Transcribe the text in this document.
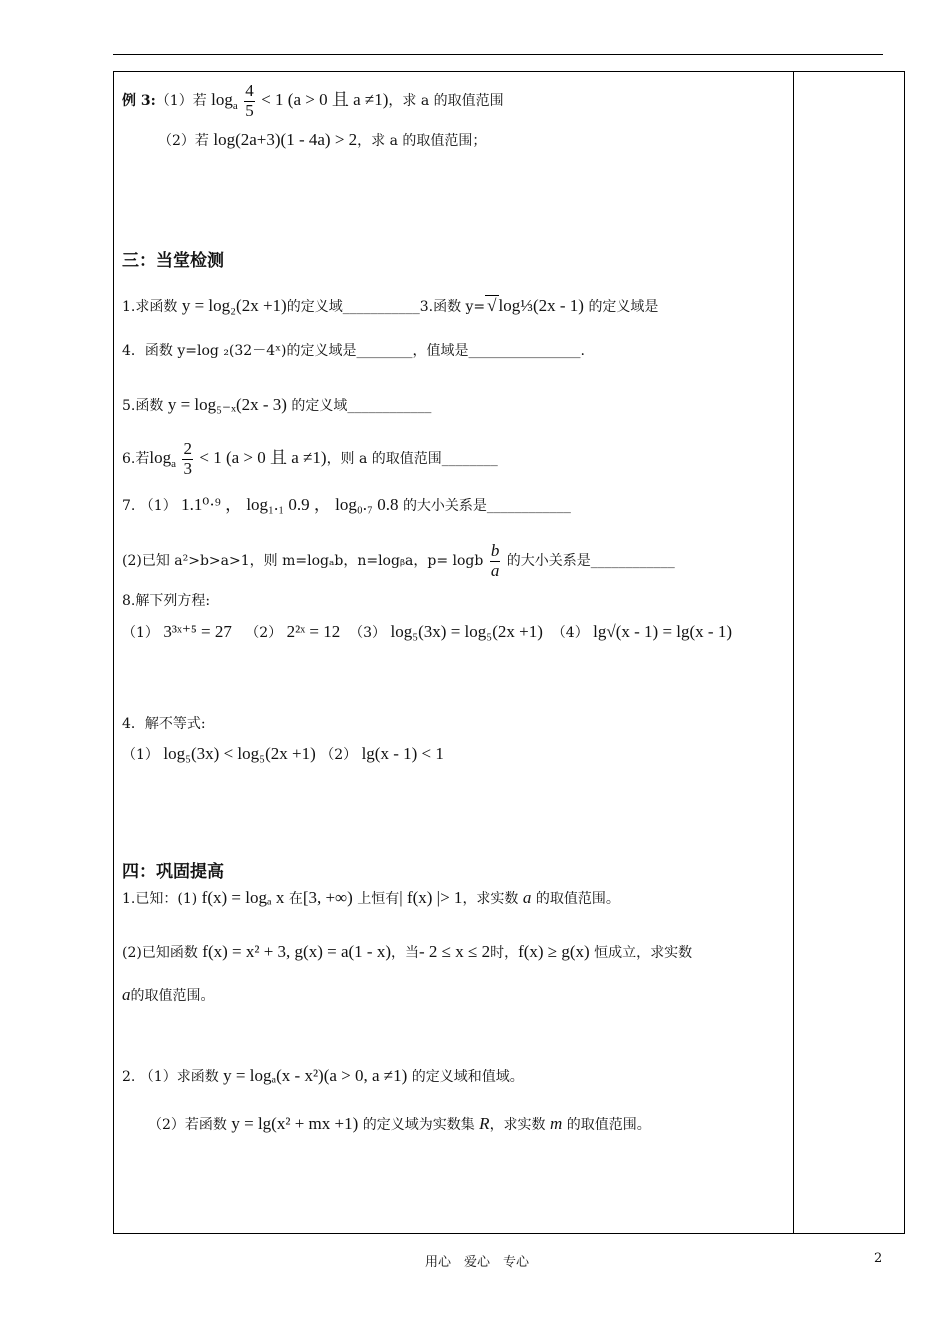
例 3:（1）若 $\log_a \frac{4}{5} < 1$ (a > 0 且 a ≠1)，求 a 的取值范围
（2）若 log(2a+3)(1 - 4a) > 2，求 a 的取值范围；
三：当堂检测
1.求函数 y = log₂(2x +1)的定义域___________3.函数 y= √ log⅓(2x - 1) 的定义域是
4．函数 y=log ₂(32－4ˣ)的定义域是________，值域是________________.
5.函数 y = log₅₋ₓ(2x - 3) 的定义域____________
6.若$\log_a \frac{2}{3} < 1$ (a > 0 且 a ≠1)，则 a 的取值范围________
7. （1） 1.1⁰·⁹ ， log₁.₁ 0.9 ， log₀.₇ 0.8 的大小关系是____________
(2)已知 a²>b>a>1，则 m=logₐb，n=logᵦa，p= logb $\frac{b}{a}$ 的大小关系是____________
8.解下列方程:
（1） 3³ˣ⁺⁵ = 27 （2） 2²ˣ = 12 （3） log₅(3x) = log₅(2x +1) （4） lg√(x - 1) = lg(x - 1)
4．解不等式:
（1） log₅(3x) < log₅(2x +1) （2） lg(x - 1) < 1
四：巩固提高
1.已知：(1) f(x) = logₐ x 在[3, +∞) 上恒有| f(x) |> 1，求实数 a 的取值范围。
(2)已知函数 f(x) = x² + 3, g(x) = a(1 - x)，当- 2 ≤ x ≤ 2时，f(x) ≥ g(x) 恒成立，求实数
a的取值范围。
2. （1）求函数 y = logₐ(x - x²)(a > 0, a ≠1) 的定义域和值域。
（2）若函数 y = lg(x² + mx +1) 的定义域为实数集 R，求实数 m 的取值范围。
用心　爱心　专心	2
